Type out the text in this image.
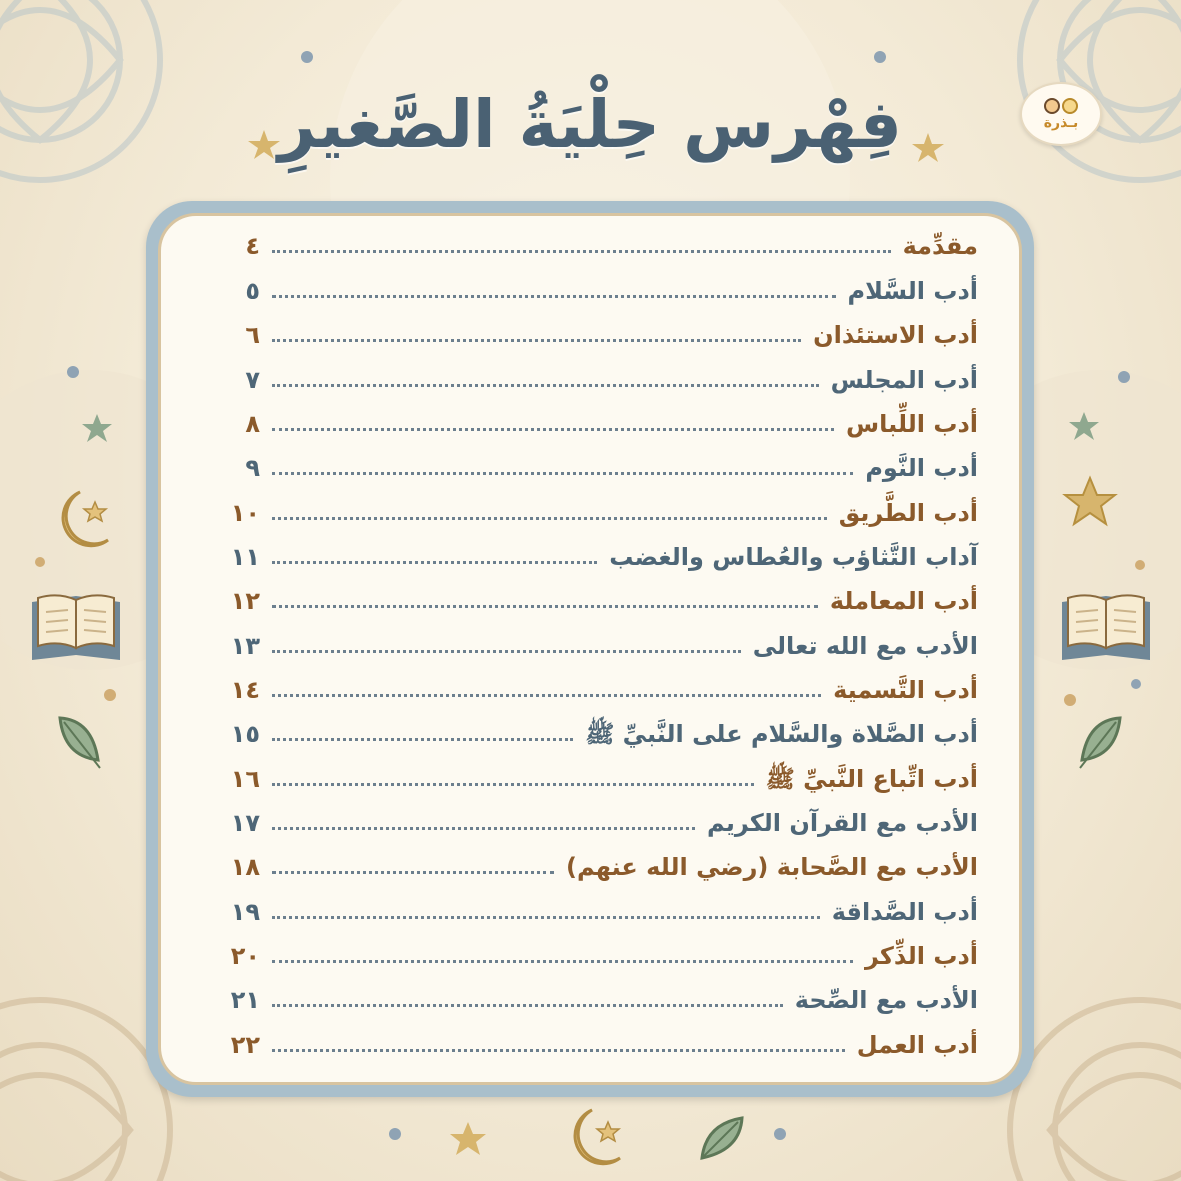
بـذرة
فِهْرس حِلْيَةُ الصَّغيرِ
مقدِّمة
٤
أدب السَّلام
٥
أدب الاستئذان
٦
أدب المجلس
٧
أدب اللِّباس
٨
أدب النَّوم
٩
أدب الطَّريق
١٠
آداب التَّثاؤب والعُطاس والغضب
١١
أدب المعاملة
١٢
الأدب مع الله تعالى
١٣
أدب التَّسمية
١٤
أدب الصَّلاة والسَّلام على النَّبيِّ ﷺ
١٥
أدب اتِّباع النَّبيِّ ﷺ
١٦
الأدب مع القرآن الكريم
١٧
الأدب مع الصَّحابة (رضي الله عنهم)
١٨
أدب الصَّداقة
١٩
أدب الذِّكر
٢٠
الأدب مع الصِّحة
٢١
أدب العمل
٢٢
